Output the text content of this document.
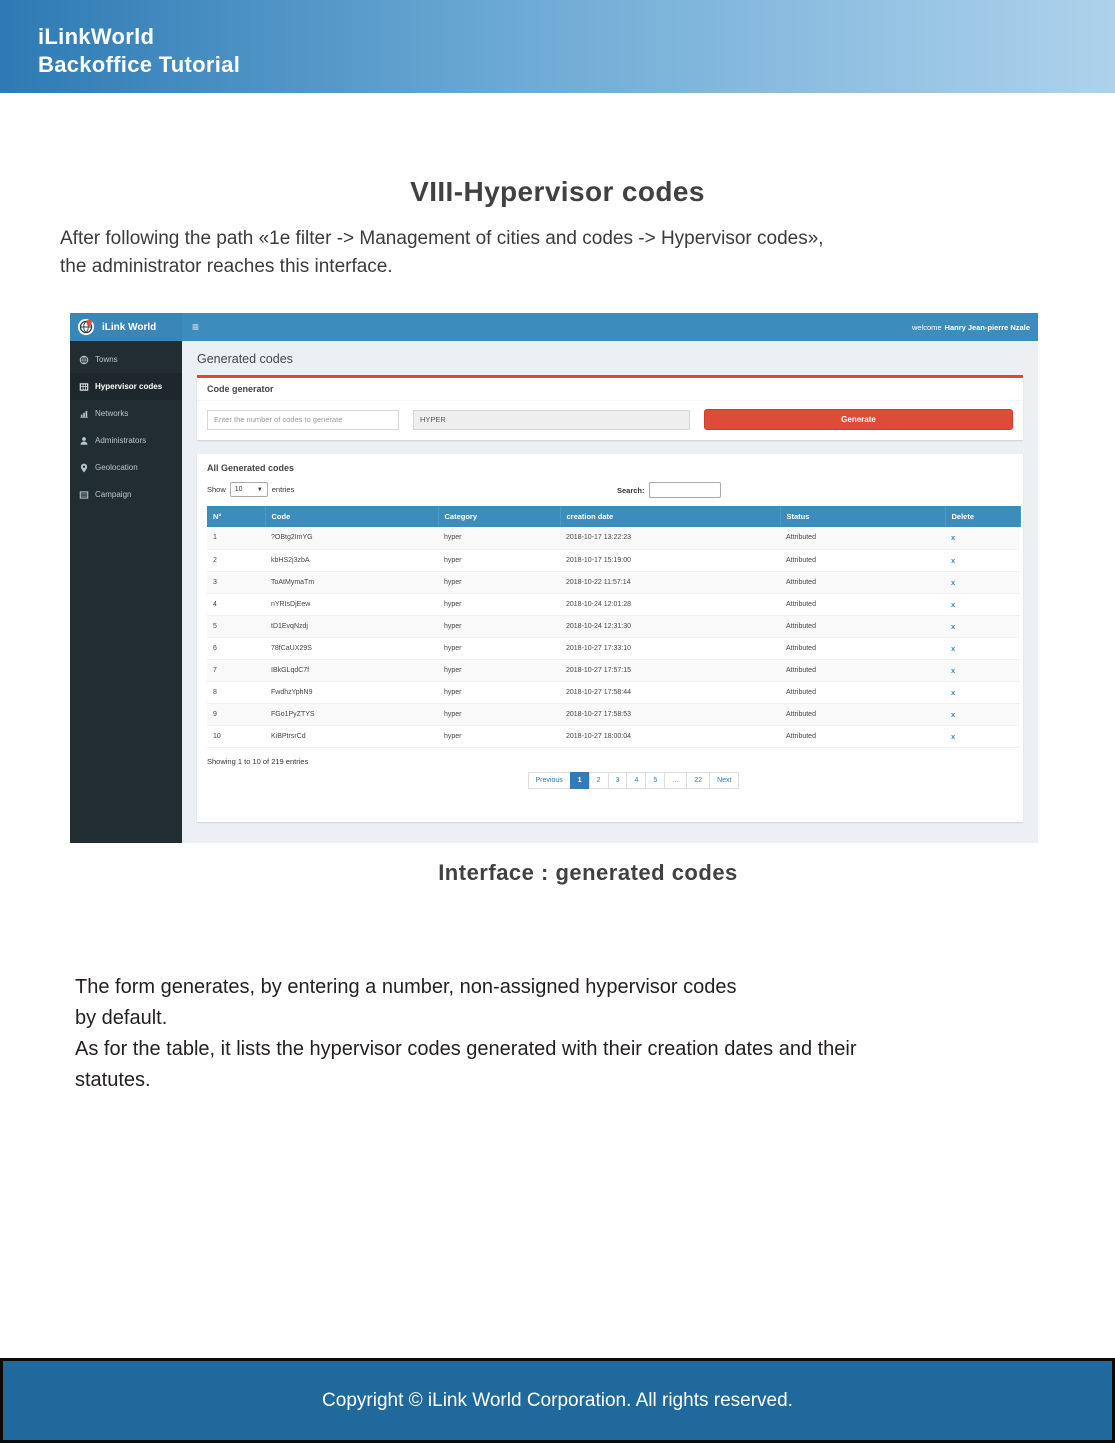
iLinkWorld
Backoffice Tutorial
VIII-Hypervisor codes
After following the path «1e filter -> Management of cities and codes -> Hypervisor codes»,
the administrator reaches this interface.
iLink World	≡	welcome Hanry Jean-pierre Nzale
Towns
Hypervisor codes
Networks
Administrators
Geolocation
Campaign
Generated codes
Code generator
Enter the number of codes to generate
HYPER
Generate
All Generated codes
Show 10 ▼ entries	Search:
N°	Code	Category	creation date	Status	Delete
1	?OBtg2ImYG	hyper	2018-10-17 13:22:23	Attributed	x
2	kbHS2j3zbA	hyper	2018-10-17 15:19:00	Attributed	x
3	ToAtMymaTm	hyper	2018-10-22 11:57:14	Attributed	x
4	nYRIsDjEew	hyper	2018-10-24 12:01:28	Attributed	x
5	tD1EvqNzdj	hyper	2018-10-24 12:31:30	Attributed	x
6	78fCaUX29S	hyper	2018-10-27 17:33:10	Attributed	x
7	IBkGLqdC7f	hyper	2018-10-27 17:57:15	Attributed	x
8	FwdhzYphN9	hyper	2018-10-27 17:58:44	Attributed	x
9	FGo1PyZTYS	hyper	2018-10-27 17:58:53	Attributed	x
10	KiBPtrsrCd	hyper	2018-10-27 18:00:04	Attributed	x
Showing 1 to 10 of 219 entries
Previous	1	2	3	4	5	…	22	Next
Interface : generated codes
The form generates, by entering a number, non-assigned hypervisor codes
by default.
As for the table, it lists the hypervisor codes generated with their creation dates and their
statutes.
Copyright © iLink World Corporation. All rights reserved.
